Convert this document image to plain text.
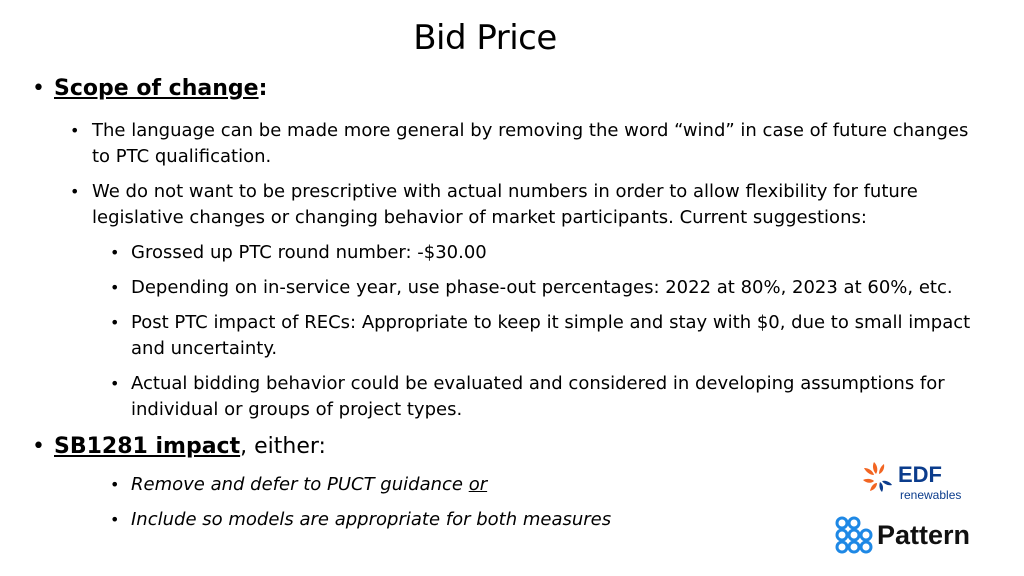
Bid Price
• Scope of change:
• The language can be made more general by removing the word “wind” in case of future changes to PTC qualification.
• We do not want to be prescriptive with actual numbers in order to allow flexibility for future legislative changes or changing behavior of market participants. Current suggestions:
• Grossed up PTC round number: -$30.00
• Depending on in-service year, use phase-out percentages: 2022 at 80%, 2023 at 60%, etc.
• Post PTC impact of RECs: Appropriate to keep it simple and stay with $0, due to small impact and uncertainty.
• Actual bidding behavior could be evaluated and considered in developing assumptions for individual or groups of project types.
• SB1281 impact, either:
• Remove and defer to PUCT guidance or
• Include so models are appropriate for both measures
EDF
renewables
Pattern
